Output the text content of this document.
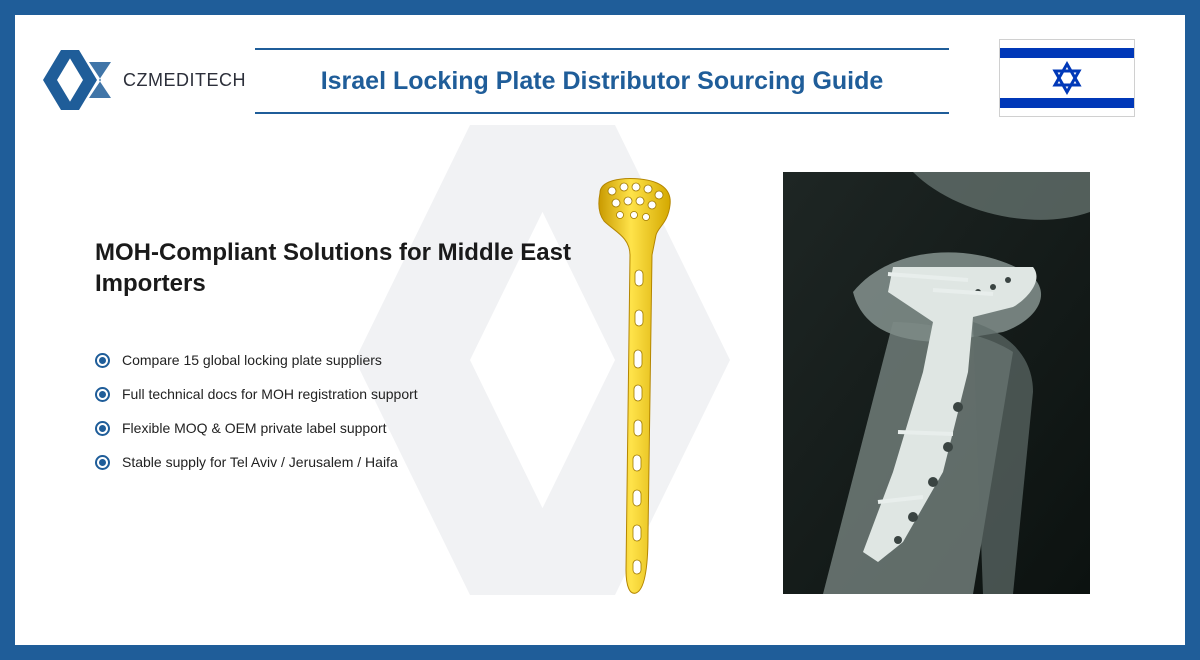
CZMEDITECH	Israel Locking Plate Distributor Sourcing Guide
MOH-Compliant Solutions for Middle East Importers
Compare 15 global locking plate suppliers
Full technical docs for MOH registration support
Flexible MOQ & OEM private label support
Stable supply for Tel Aviv / Jerusalem / Haifa
